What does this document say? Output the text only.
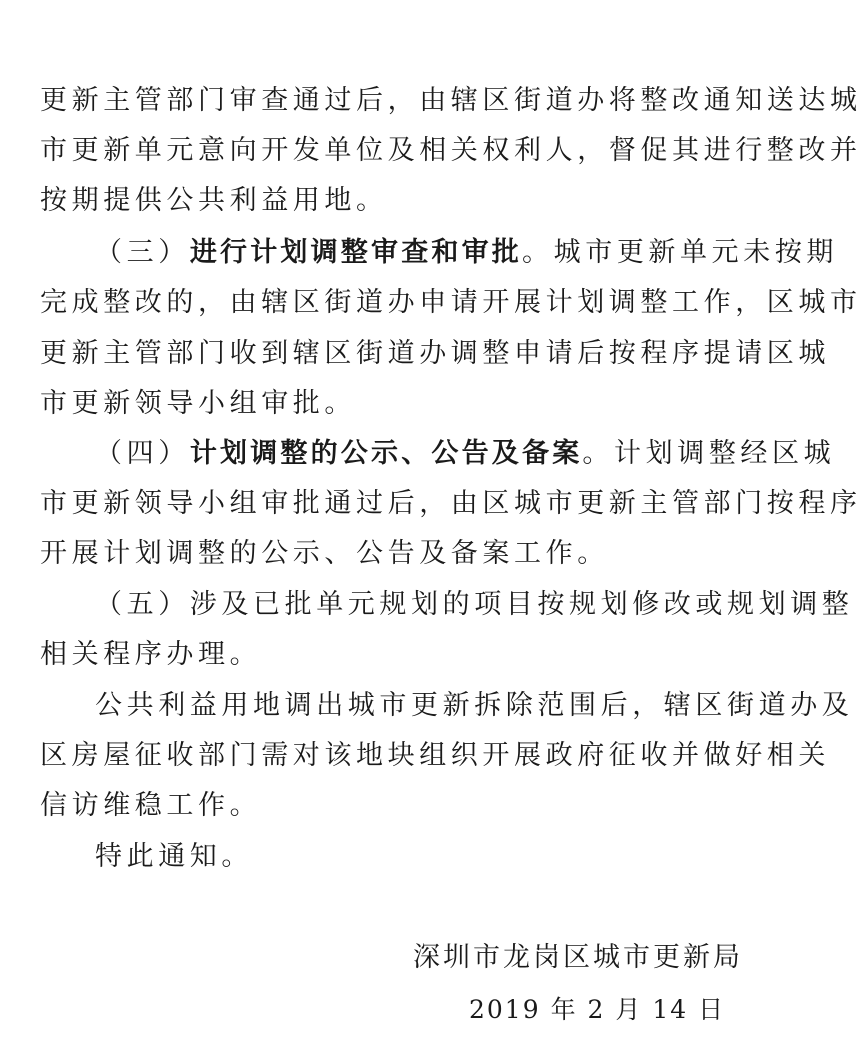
更新主管部门审查通过后，由辖区街道办将整改通知送达城
市更新单元意向开发单位及相关权利人，督促其进行整改并
按期提供公共利益用地。
（三）进行计划调整审查和审批。城市更新单元未按期
完成整改的，由辖区街道办申请开展计划调整工作，区城市
更新主管部门收到辖区街道办调整申请后按程序提请区城
市更新领导小组审批。
（四）计划调整的公示、公告及备案。计划调整经区城
市更新领导小组审批通过后，由区城市更新主管部门按程序
开展计划调整的公示、公告及备案工作。
（五）涉及已批单元规划的项目按规划修改或规划调整
相关程序办理。
公共利益用地调出城市更新拆除范围后，辖区街道办及
区房屋征收部门需对该地块组织开展政府征收并做好相关
信访维稳工作。
特此通知。
深圳市龙岗区城市更新局
2019 年 2 月 14 日
